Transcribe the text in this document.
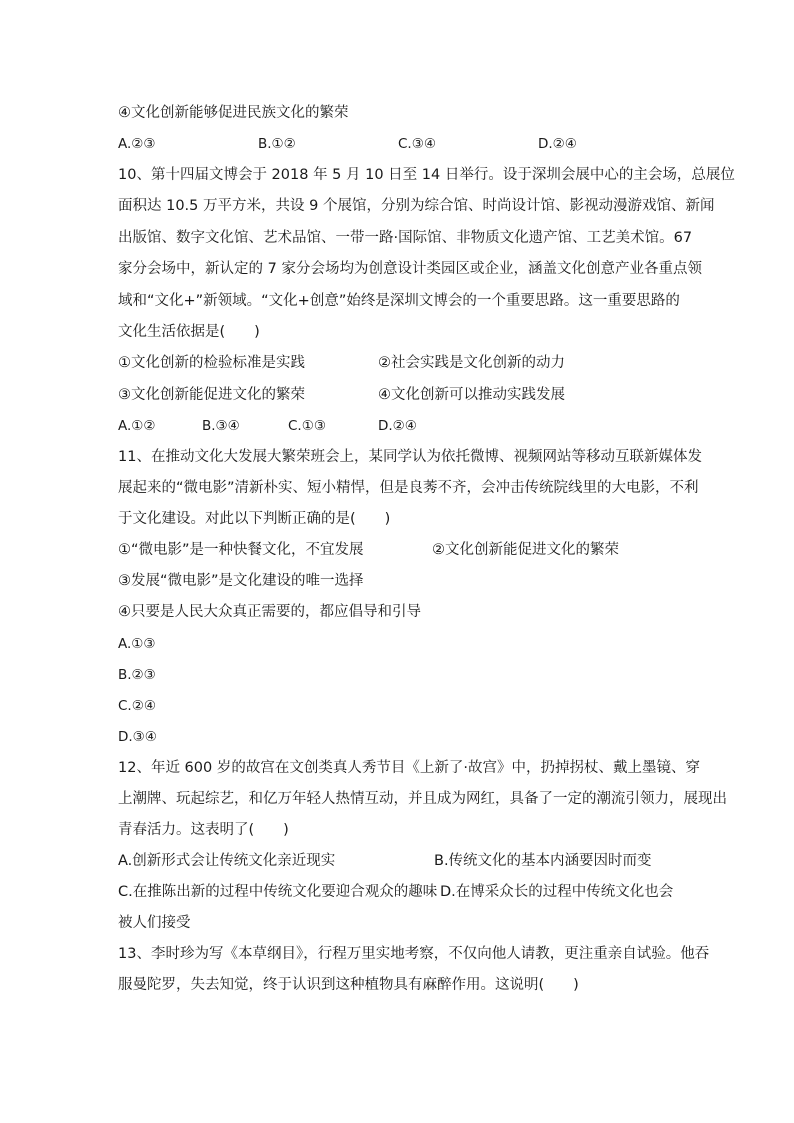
④文化创新能够促进民族文化的繁荣
A.②③	B.①②	C.③④	D.②④
10、第十四届文博会于 2018 年 5 月 10 日至 14 日举行。设于深圳会展中心的主会场，总展位
面积达 10.5 万平方米，共设 9 个展馆，分别为综合馆、时尚设计馆、影视动漫游戏馆、新闻
出版馆、数字文化馆、艺术品馆、一带一路·国际馆、非物质文化遗产馆、工艺美术馆。67
家分会场中，新认定的 7 家分会场均为创意设计类园区或企业，涵盖文化创意产业各重点领
域和“文化+”新领域。“文化+创意”始终是深圳文博会的一个重要思路。这一重要思路的
文化生活依据是(　　)
①文化创新的检验标准是实践	②社会实践是文化创新的动力
③文化创新能促进文化的繁荣	④文化创新可以推动实践发展
A.①②	B.③④	C.①③	D.②④
11、在推动文化大发展大繁荣班会上，某同学认为依托微博、视频网站等移动互联新媒体发
展起来的“微电影”清新朴实、短小精悍，但是良莠不齐，会冲击传统院线里的大电影，不利
于文化建设。对此以下判断正确的是(　　)
①“微电影”是一种快餐文化，不宜发展	②文化创新能促进文化的繁荣
③发展“微电影”是文化建设的唯一选择
④只要是人民大众真正需要的，都应倡导和引导
A.①③
B.②③
C.②④
D.③④
12、年近 600 岁的故宫在文创类真人秀节目《上新了·故宫》中，扔掉拐杖、戴上墨镜、穿
上潮牌、玩起综艺，和亿万年轻人热情互动，并且成为网红，具备了一定的潮流引领力，展现出
青春活力。这表明了(　　)
A.创新形式会让传统文化亲近现实	B.传统文化的基本内涵要因时而变
C.在推陈出新的过程中传统文化要迎合观众的趣味 D.在博采众长的过程中传统文化也会
被人们接受
13、李时珍为写《本草纲目》，行程万里实地考察，不仅向他人请教，更注重亲自试验。他吞
服曼陀罗，失去知觉，终于认识到这种植物具有麻醉作用。这说明(　　)
